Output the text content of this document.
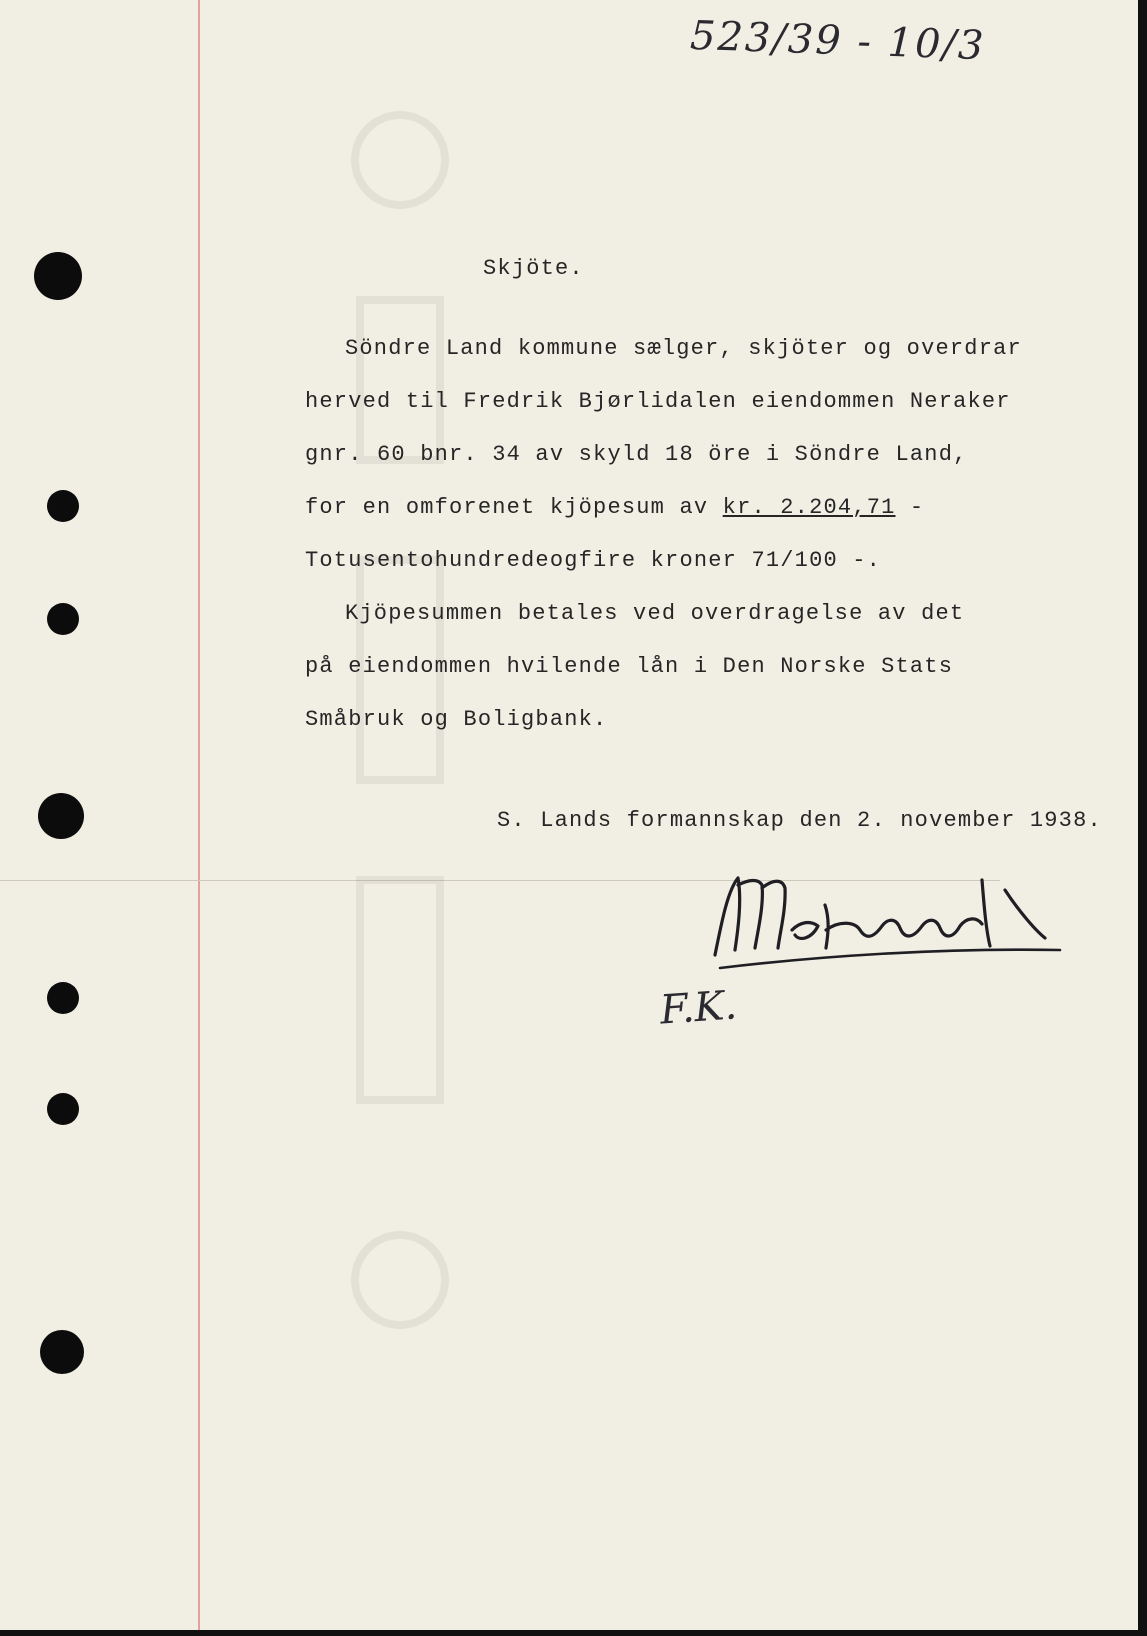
523/39 - 10/3
Skjöte.
Söndre Land kommune sælger, skjöter og overdrar
herved til Fredrik Bjørlidalen eiendommen Neraker
gnr. 60 bnr. 34 av skyld 18 öre i Söndre Land,
for en omforenet kjöpesum av kr. 2.204,71 -
Totusentohundredeogfire kroner 71/100 -.
Kjöpesummen betales ved overdragelse av det
på eiendommen hvilende lån i Den Norske Stats
Småbruk og Boligbank.
S. Lands formannskap den 2. november 1938.
F.K.
